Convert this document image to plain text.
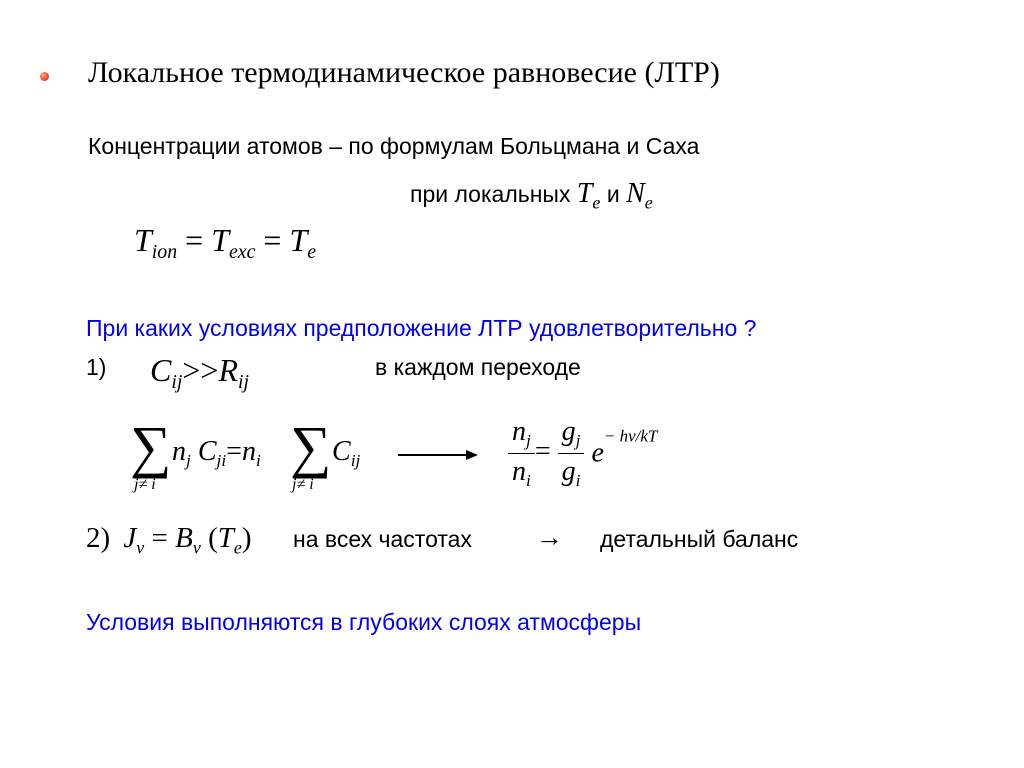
Локальное термодинамическое равновесие (ЛТР)
Концентрации атомов – по формулам Больцмана и Саха
при локальных $T_e$ и $N_e$
$T_{ion} = T_{exc} = T_e$
При каких условиях предположение ЛТР удовлетворительно ?
1) $C_{ij}>>R_{ij}$
в каждом переходе
∑
j≠ i
$n_j$ $C_{ji}=n_i$ ∑
j≠ i
$C_{ij}$	$\frac{n_j}{n_i} = \frac{g_j}{g_i} e^{- h\nu/kT}$
2) $J_\nu = B_\nu$ $(T_e)$ на всех частотах → детальный баланс
Условия выполняются в глубоких слоях атмосферы
